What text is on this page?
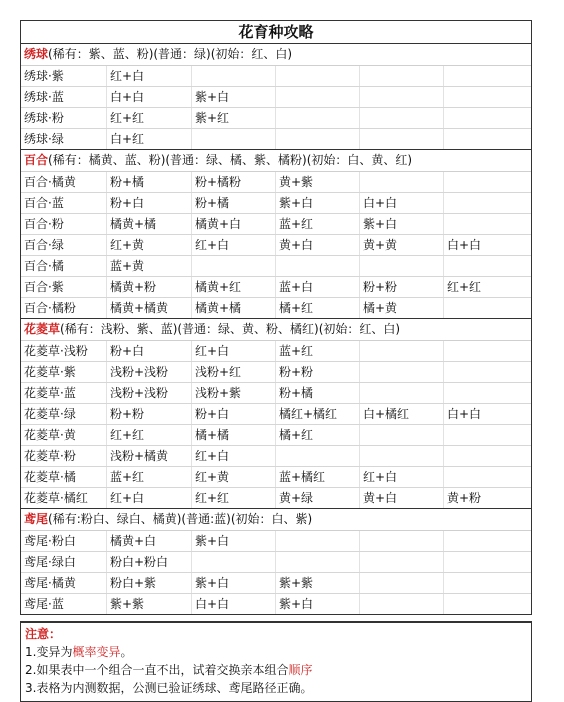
花育种攻略
绣球(稀有：紫、蓝、粉)(普通：绿)(初始：红、白)
绣球·紫	红+白
绣球·蓝	白+白	紫+白
绣球·粉	红+红	紫+红
绣球·绿	白+红
百合(稀有：橘黄、蓝、粉)(普通：绿、橘、紫、橘粉)(初始：白、黄、红)
百合·橘黄	粉+橘	粉+橘粉	黄+紫
百合·蓝	粉+白	粉+橘	紫+白	白+白
百合·粉	橘黄+橘	橘黄+白	蓝+红	紫+白
百合·绿	红+黄	红+白	黄+白	黄+黄	白+白
百合·橘	蓝+黄
百合·紫	橘黄+粉	橘黄+红	蓝+白	粉+粉	红+红
百合·橘粉	橘黄+橘黄	橘黄+橘	橘+红	橘+黄
花菱草(稀有：浅粉、紫、蓝)(普通：绿、黄、粉、橘红)(初始：红、白)
花菱草·浅粉	粉+白	红+白	蓝+红
花菱草·紫	浅粉+浅粉	浅粉+红	粉+粉
花菱草·蓝	浅粉+浅粉	浅粉+紫	粉+橘
花菱草·绿	粉+粉	粉+白	橘红+橘红	白+橘红	白+白
花菱草·黄	红+红	橘+橘	橘+红
花菱草·粉	浅粉+橘黄	红+白
花菱草·橘	蓝+红	红+黄	蓝+橘红	红+白
花菱草·橘红	红+白	红+红	黄+绿	黄+白	黄+粉
鸢尾(稀有:粉白、绿白、橘黄)(普通:蓝)(初始：白、紫)
鸢尾·粉白	橘黄+白	紫+白
鸢尾·绿白	粉白+粉白
鸢尾·橘黄	粉白+紫	紫+白	紫+紫
鸢尾·蓝	紫+紫	白+白	紫+白
注意：
1.变异为概率变异。
2.如果表中一个组合一直不出，试着交换亲本组合顺序
3.表格为内测数据，公测已验证绣球、鸢尾路径正确。
